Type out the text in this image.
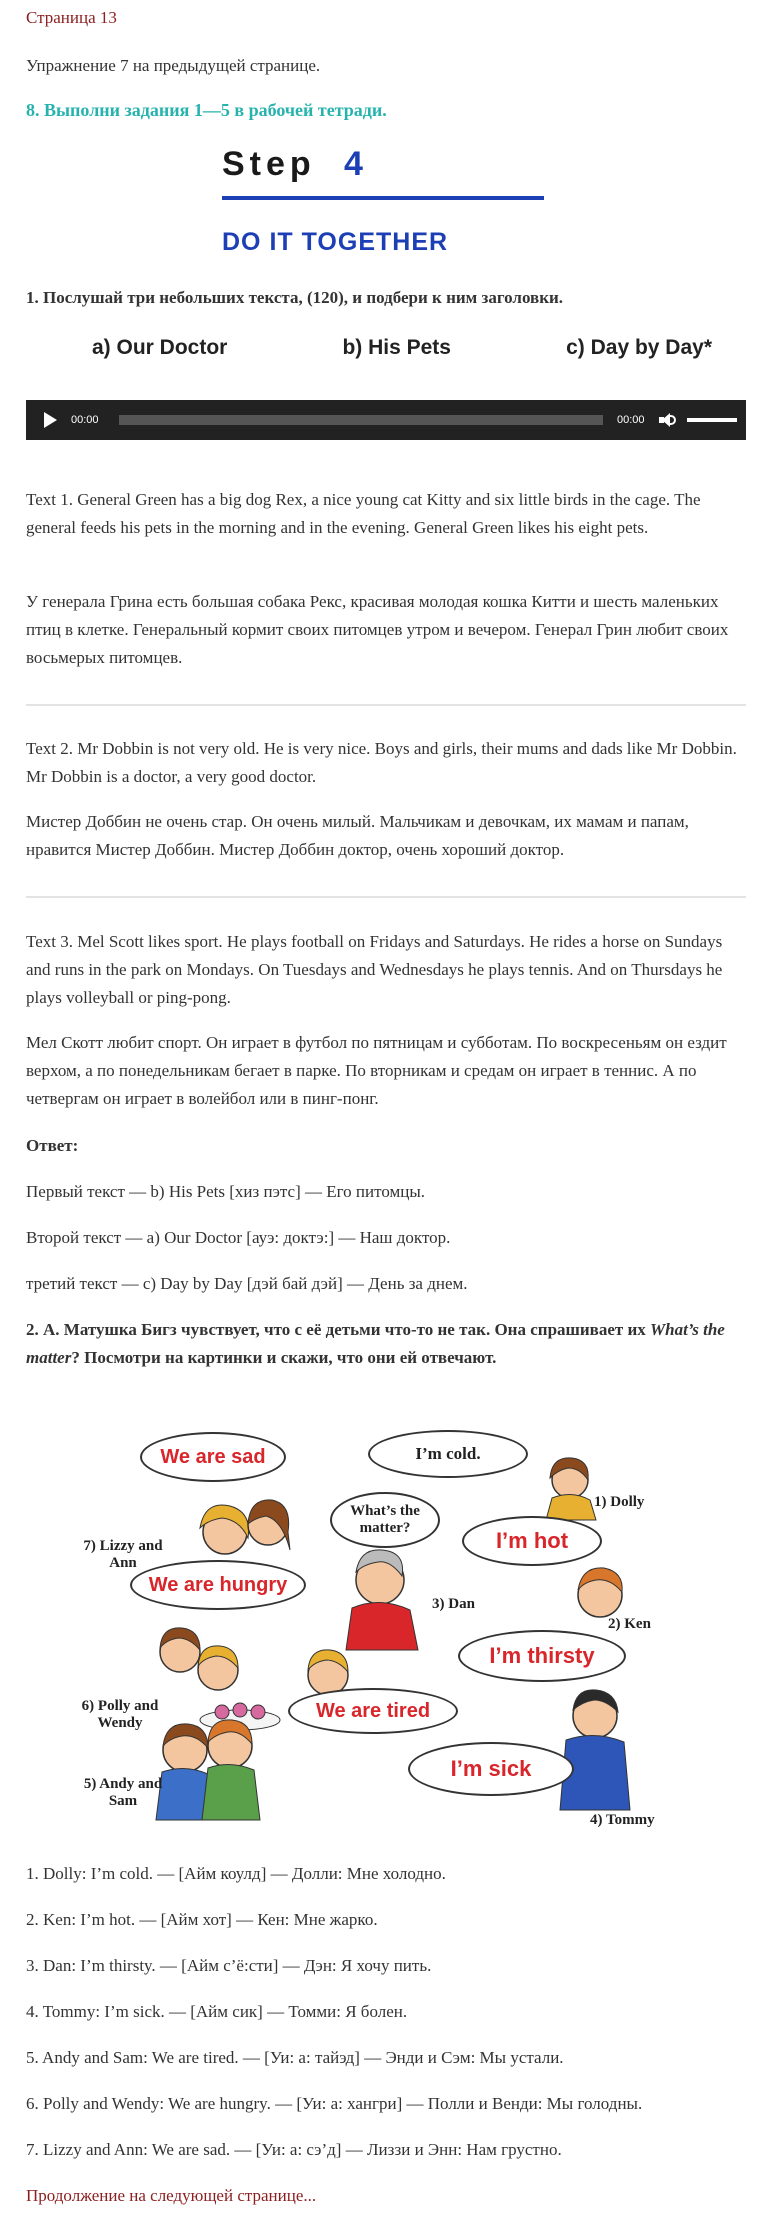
Страница 13
Упражнение 7 на предыдущей странице.
8. Выполни задания 1—5 в рабочей тетради.
Step 4
DO IT TOGETHER
1. Послушай три небольших текста, (120), и подбери к ним заголовки.
a) Our Doctor	b) His Pets	c) Day by Day*
00:00	00:00
Text 1. General Green has a big dog Rex, a nice young cat Kitty and six little birds in the cage. The general feeds his pets in the morning and in the evening. General Green likes his eight pets.
У генерала Грина есть большая собака Рекс, красивая молодая кошка Китти и шесть маленьких птиц в клетке. Генеральный кормит своих питомцев утром и вечером. Генерал Грин любит своих восьмерых питомцев.
Text 2. Mr Dobbin is not very old. He is very nice. Boys and girls, their mums and dads like Mr Dobbin. Mr Dobbin is a doctor, a very good doctor.
Мистер Доббин не очень стар. Он очень милый. Мальчикам и девочкам, их мамам и папам, нравится Мистер Доббин. Мистер Доббин доктор, очень хороший доктор.
Text 3. Mel Scott likes sport. He plays football on Fridays and Saturdays. He rides a horse on Sundays and runs in the park on Mondays. On Tuesdays and Wednesdays he plays tennis. And on Thursdays he plays volleyball or ping-pong.
Мел Скотт любит спорт. Он играет в футбол по пятницам и субботам. По воскресеньям он ездит верхом, а по понедельникам бегает в парке. По вторникам и средам он играет в теннис. А по четвергам он играет в волейбол или в пинг-понг.
Ответ:
Первый текст — b) His Pets [хиз пэтс] — Его питомцы.
Второй текст — a) Our Doctor [ауэ: доктэ:] — Наш доктор.
третий текст — c) Day by Day [дэй бай дэй] — День за днем.
2. А. Матушка Бигз чувствует, что с её детьми что-то не так. Она спрашивает их What’s the matter? Посмотри на картинки и скажи, что они ей отвечают.
We are sad	I’m cold.
What’s the matter?	I’m hot
We are hungry
I’m thirsty
We are tired
I’m sick
1) Dolly
2) Ken
3) Dan
4) Tommy
5) Andy and Sam
6) Polly and Wendy
7) Lizzy and Ann
1. Dolly: I’m cold. — [Айм коулд] — Долли: Мне холодно.
2. Ken: I’m hot. — [Айм хот] — Кен: Мне жарко.
3. Dan: I’m thirsty. — [Айм с’ё:сти] — Дэн: Я хочу пить.
4. Tommy: I’m sick. — [Айм сик] — Томми: Я болен.
5. Andy and Sam: We are tired. — [Уи: а: тайэд] — Энди и Сэм: Мы устали.
6. Polly and Wendy: We are hungry. — [Уи: а: хангри] — Полли и Венди: Мы голодны.
7. Lizzy and Ann: We are sad. — [Уи: а: сэ’д] — Лиззи и Энн: Нам грустно.
Продолжение на следующей странице...
